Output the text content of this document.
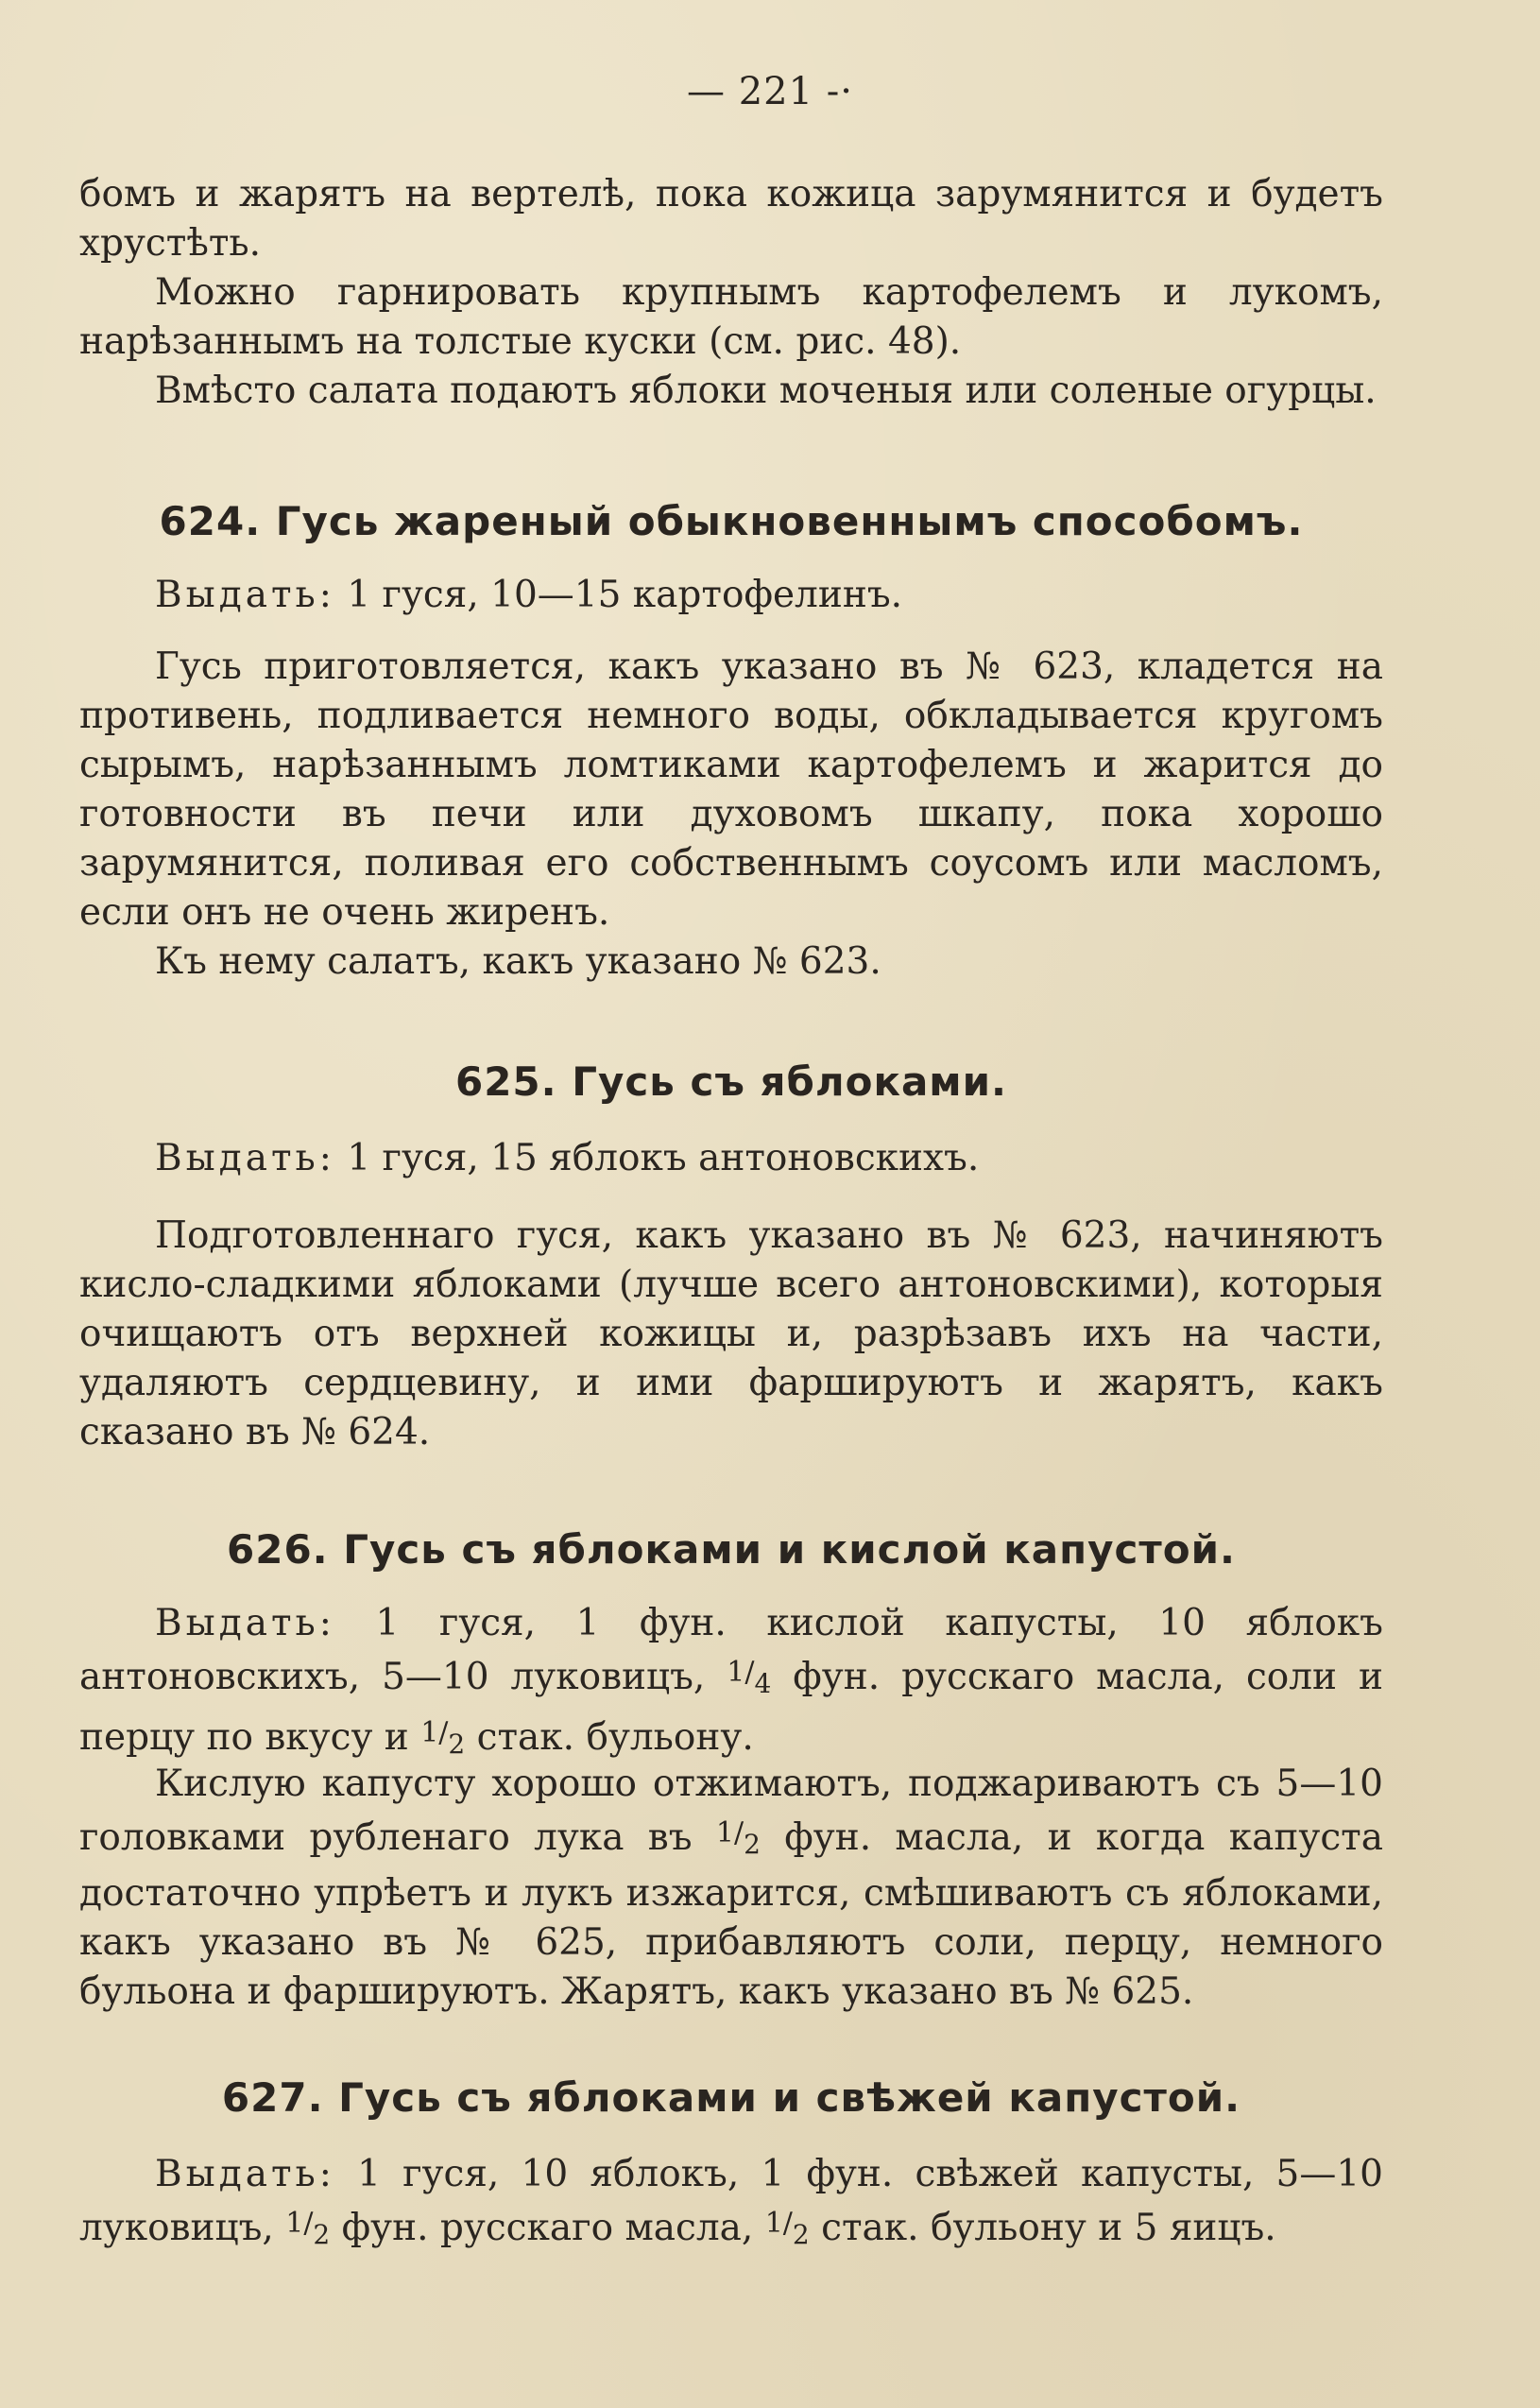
— 221 -·

бомъ и жарятъ на вертелѣ, пока кожица зарумянится и будетъ хрустѣть.

Можно гарнировать крупнымъ картофелемъ и лукомъ, нарѣзаннымъ на толстые куски (см. рис. 48).

Вмѣсто салата подаютъ яблоки моченыя или соленые огурцы.

624. Гусь жареный обыкновеннымъ способомъ.

Выдать: 1 гуся, 10—15 картофелинъ.

Гусь приготовляется, какъ указано въ № 623, кладется на противень, подливается немного воды, обкладывается кругомъ сырымъ, нарѣзаннымъ ломтиками картофелемъ и жарится до готовности въ печи или духовомъ шкапу, пока хорошо зарумянится, поливая его собственнымъ соусомъ или масломъ, если онъ не очень жиренъ.

Къ нему салатъ, какъ указано № 623.

625. Гусь съ яблоками.

Выдать: 1 гуся, 15 яблокъ антоновскихъ.

Подготовленнаго гуся, какъ указано въ № 623, начиняютъ кисло-сладкими яблоками (лучше всего антоновскими), которыя очищаютъ отъ верхней кожицы и, разрѣзавъ ихъ на части, удаляютъ сердцевину, и ими фаршируютъ и жарятъ, какъ сказано въ № 624.

626. Гусь съ яблоками и кислой капустой.

Выдать: 1 гуся, 1 фун. кислой капусты, 10 яблокъ антоновскихъ, 5—10 луковицъ, $^{1/4}$ фун. русскаго масла, соли и перцу по вкусу и $^{1/2}$ стак. бульону.

Кислую капусту хорошо отжимаютъ, поджариваютъ съ 5—10 головками рубленаго лука въ $^{1/2}$ фун. масла, и когда капуста достаточно упрѣетъ и лукъ изжарится, смѣшиваютъ съ яблоками, какъ указано въ № 625, прибавляютъ соли, перцу, немного бульона и фаршируютъ. Жарятъ, какъ указано въ № 625.

627. Гусь съ яблоками и свѣжей капустой.

Выдать: 1 гуся, 10 яблокъ, 1 фун. свѣжей капусты, 5—10 луковицъ, $^{1/2}$ фун. русскаго масла, $^{1/2}$ стак. бульону и 5 яицъ.
